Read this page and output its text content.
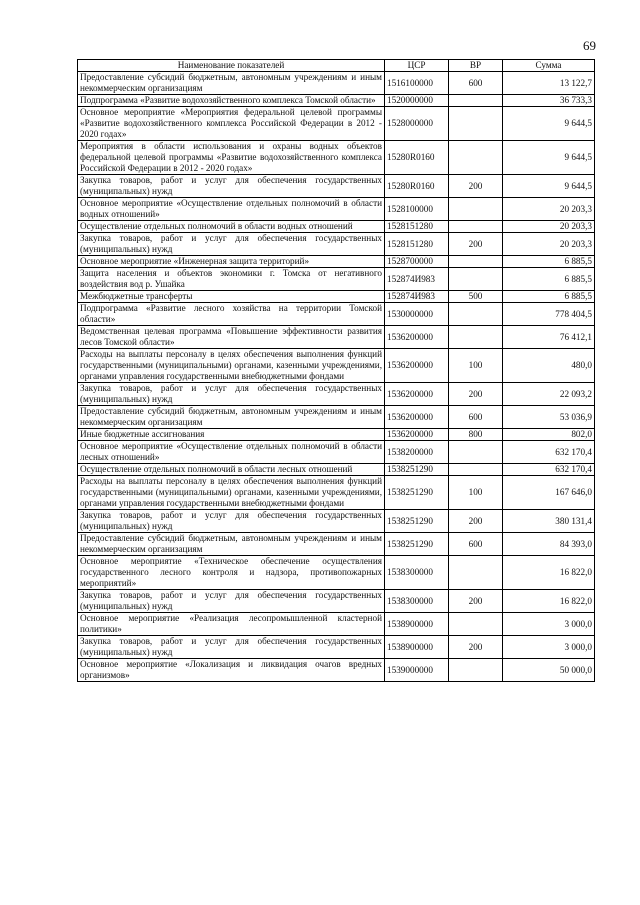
69
Наименование показателей	ЦСР	ВР	Сумма
Предоставление субсидий бюджетным, автономным учреждениям и иным некоммерческим организациям	1516100000	600	13 122,7
Подпрограмма «Развитие водохозяйственного комплекса Томской области»	1520000000		36 733,3
Основное мероприятие «Мероприятия федеральной целевой программы «Развитие водохозяйственного комплекса Российской Федерации в 2012 - 2020 годах»	1528000000		9 644,5
Мероприятия в области использования и охраны водных объектов федеральной целевой программы «Развитие водохозяйственного комплекса Российской Федерации в 2012 - 2020 годах»	15280R0160		9 644,5
Закупка товаров, работ и услуг для обеспечения государственных (муниципальных) нужд	15280R0160	200	9 644,5
Основное мероприятие «Осуществление отдельных полномочий в области водных отношений»	1528100000		20 203,3
Осуществление отдельных полномочий в области водных отношений	1528151280		20 203,3
Закупка товаров, работ и услуг для обеспечения государственных (муниципальных) нужд	1528151280	200	20 203,3
Основное мероприятие «Инженерная защита территорий»	1528700000		6 885,5
Защита населения и объектов экономики г. Томска от негативного воздействия вод р. Ушайка	152874И983		6 885,5
Межбюджетные трансферты	152874И983	500	6 885,5
Подпрограмма «Развитие лесного хозяйства на территории Томской области»	1530000000		778 404,5
Ведомственная целевая программа «Повышение эффективности развития лесов Томской области»	1536200000		76 412,1
Расходы на выплаты персоналу в целях обеспечения выполнения функций государственными (муниципальными) органами, казенными учреждениями, органами управления государственными внебюджетными фондами	1536200000	100	480,0
Закупка товаров, работ и услуг для обеспечения государственных (муниципальных) нужд	1536200000	200	22 093,2
Предоставление субсидий бюджетным, автономным учреждениям и иным некоммерческим организациям	1536200000	600	53 036,9
Иные бюджетные ассигнования	1536200000	800	802,0
Основное мероприятие «Осуществление отдельных полномочий в области лесных отношений»	1538200000		632 170,4
Осуществление отдельных полномочий в области лесных отношений	1538251290		632 170,4
Расходы на выплаты персоналу в целях обеспечения выполнения функций государственными (муниципальными) органами, казенными учреждениями, органами управления государственными внебюджетными фондами	1538251290	100	167 646,0
Закупка товаров, работ и услуг для обеспечения государственных (муниципальных) нужд	1538251290	200	380 131,4
Предоставление субсидий бюджетным, автономным учреждениям и иным некоммерческим организациям	1538251290	600	84 393,0
Основное мероприятие «Техническое обеспечение осуществления государственного лесного контроля и надзора, противопожарных мероприятий»	1538300000		16 822,0
Закупка товаров, работ и услуг для обеспечения государственных (муниципальных) нужд	1538300000	200	16 822,0
Основное мероприятие «Реализация лесопромышленной кластерной политики»	1538900000		3 000,0
Закупка товаров, работ и услуг для обеспечения государственных (муниципальных) нужд	1538900000	200	3 000,0
Основное мероприятие «Локализация и ликвидация очагов вредных организмов»	1539000000		50 000,0
